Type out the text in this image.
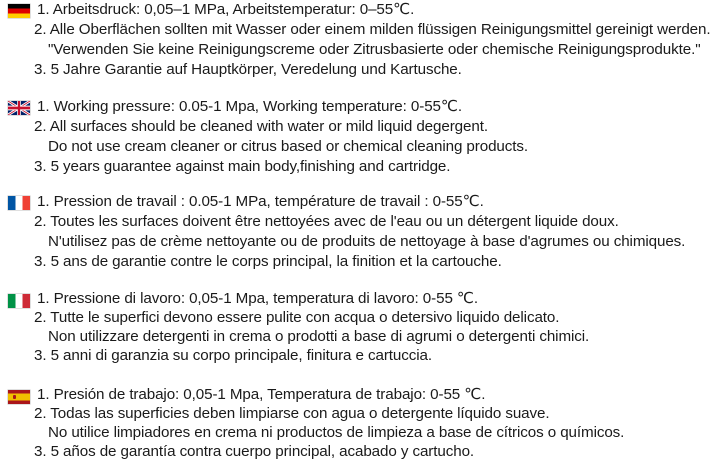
1. Arbeitsdruck: 0,05–1 MPa, Arbeitstemperatur: 0–55℃.
2. Alle Oberflächen sollten mit Wasser oder einem milden flüssigen Reinigungsmittel gereinigt werden.
"Verwenden Sie keine Reinigungscreme oder Zitrusbasierte oder chemische Reinigungsprodukte."
3. 5 Jahre Garantie auf Hauptkörper, Veredelung und Kartusche.
1. Working pressure: 0.05-1 Mpa, Working temperature: 0-55℃.
2. All surfaces should be cleaned with water or mild liquid degergent.
Do not use cream cleaner or citrus based or chemical cleaning products.
3. 5 years guarantee against main body,finishing and cartridge.
1. Pression de travail : 0.05-1 MPa, température de travail : 0-55℃.
2. Toutes les surfaces doivent être nettoyées avec de l'eau ou un détergent liquide doux.
N'utilisez pas de crème nettoyante ou de produits de nettoyage à base d'agrumes ou chimiques.
3. 5 ans de garantie contre le corps principal, la finition et la cartouche.
1. Pressione di lavoro: 0,05-1 Mpa, temperatura di lavoro: 0-55 ℃.
2. Tutte le superfici devono essere pulite con acqua o detersivo liquido delicato.
Non utilizzare detergenti in crema o prodotti a base di agrumi o detergenti chimici.
3. 5 anni di garanzia su corpo principale, finitura e cartuccia.
1. Presión de trabajo: 0,05-1 Mpa, Temperatura de trabajo: 0-55 ℃.
2. Todas las superficies deben limpiarse con agua o detergente líquido suave.
No utilice limpiadores en crema ni productos de limpieza a base de cítricos o químicos.
3. 5 años de garantía contra cuerpo principal, acabado y cartucho.
